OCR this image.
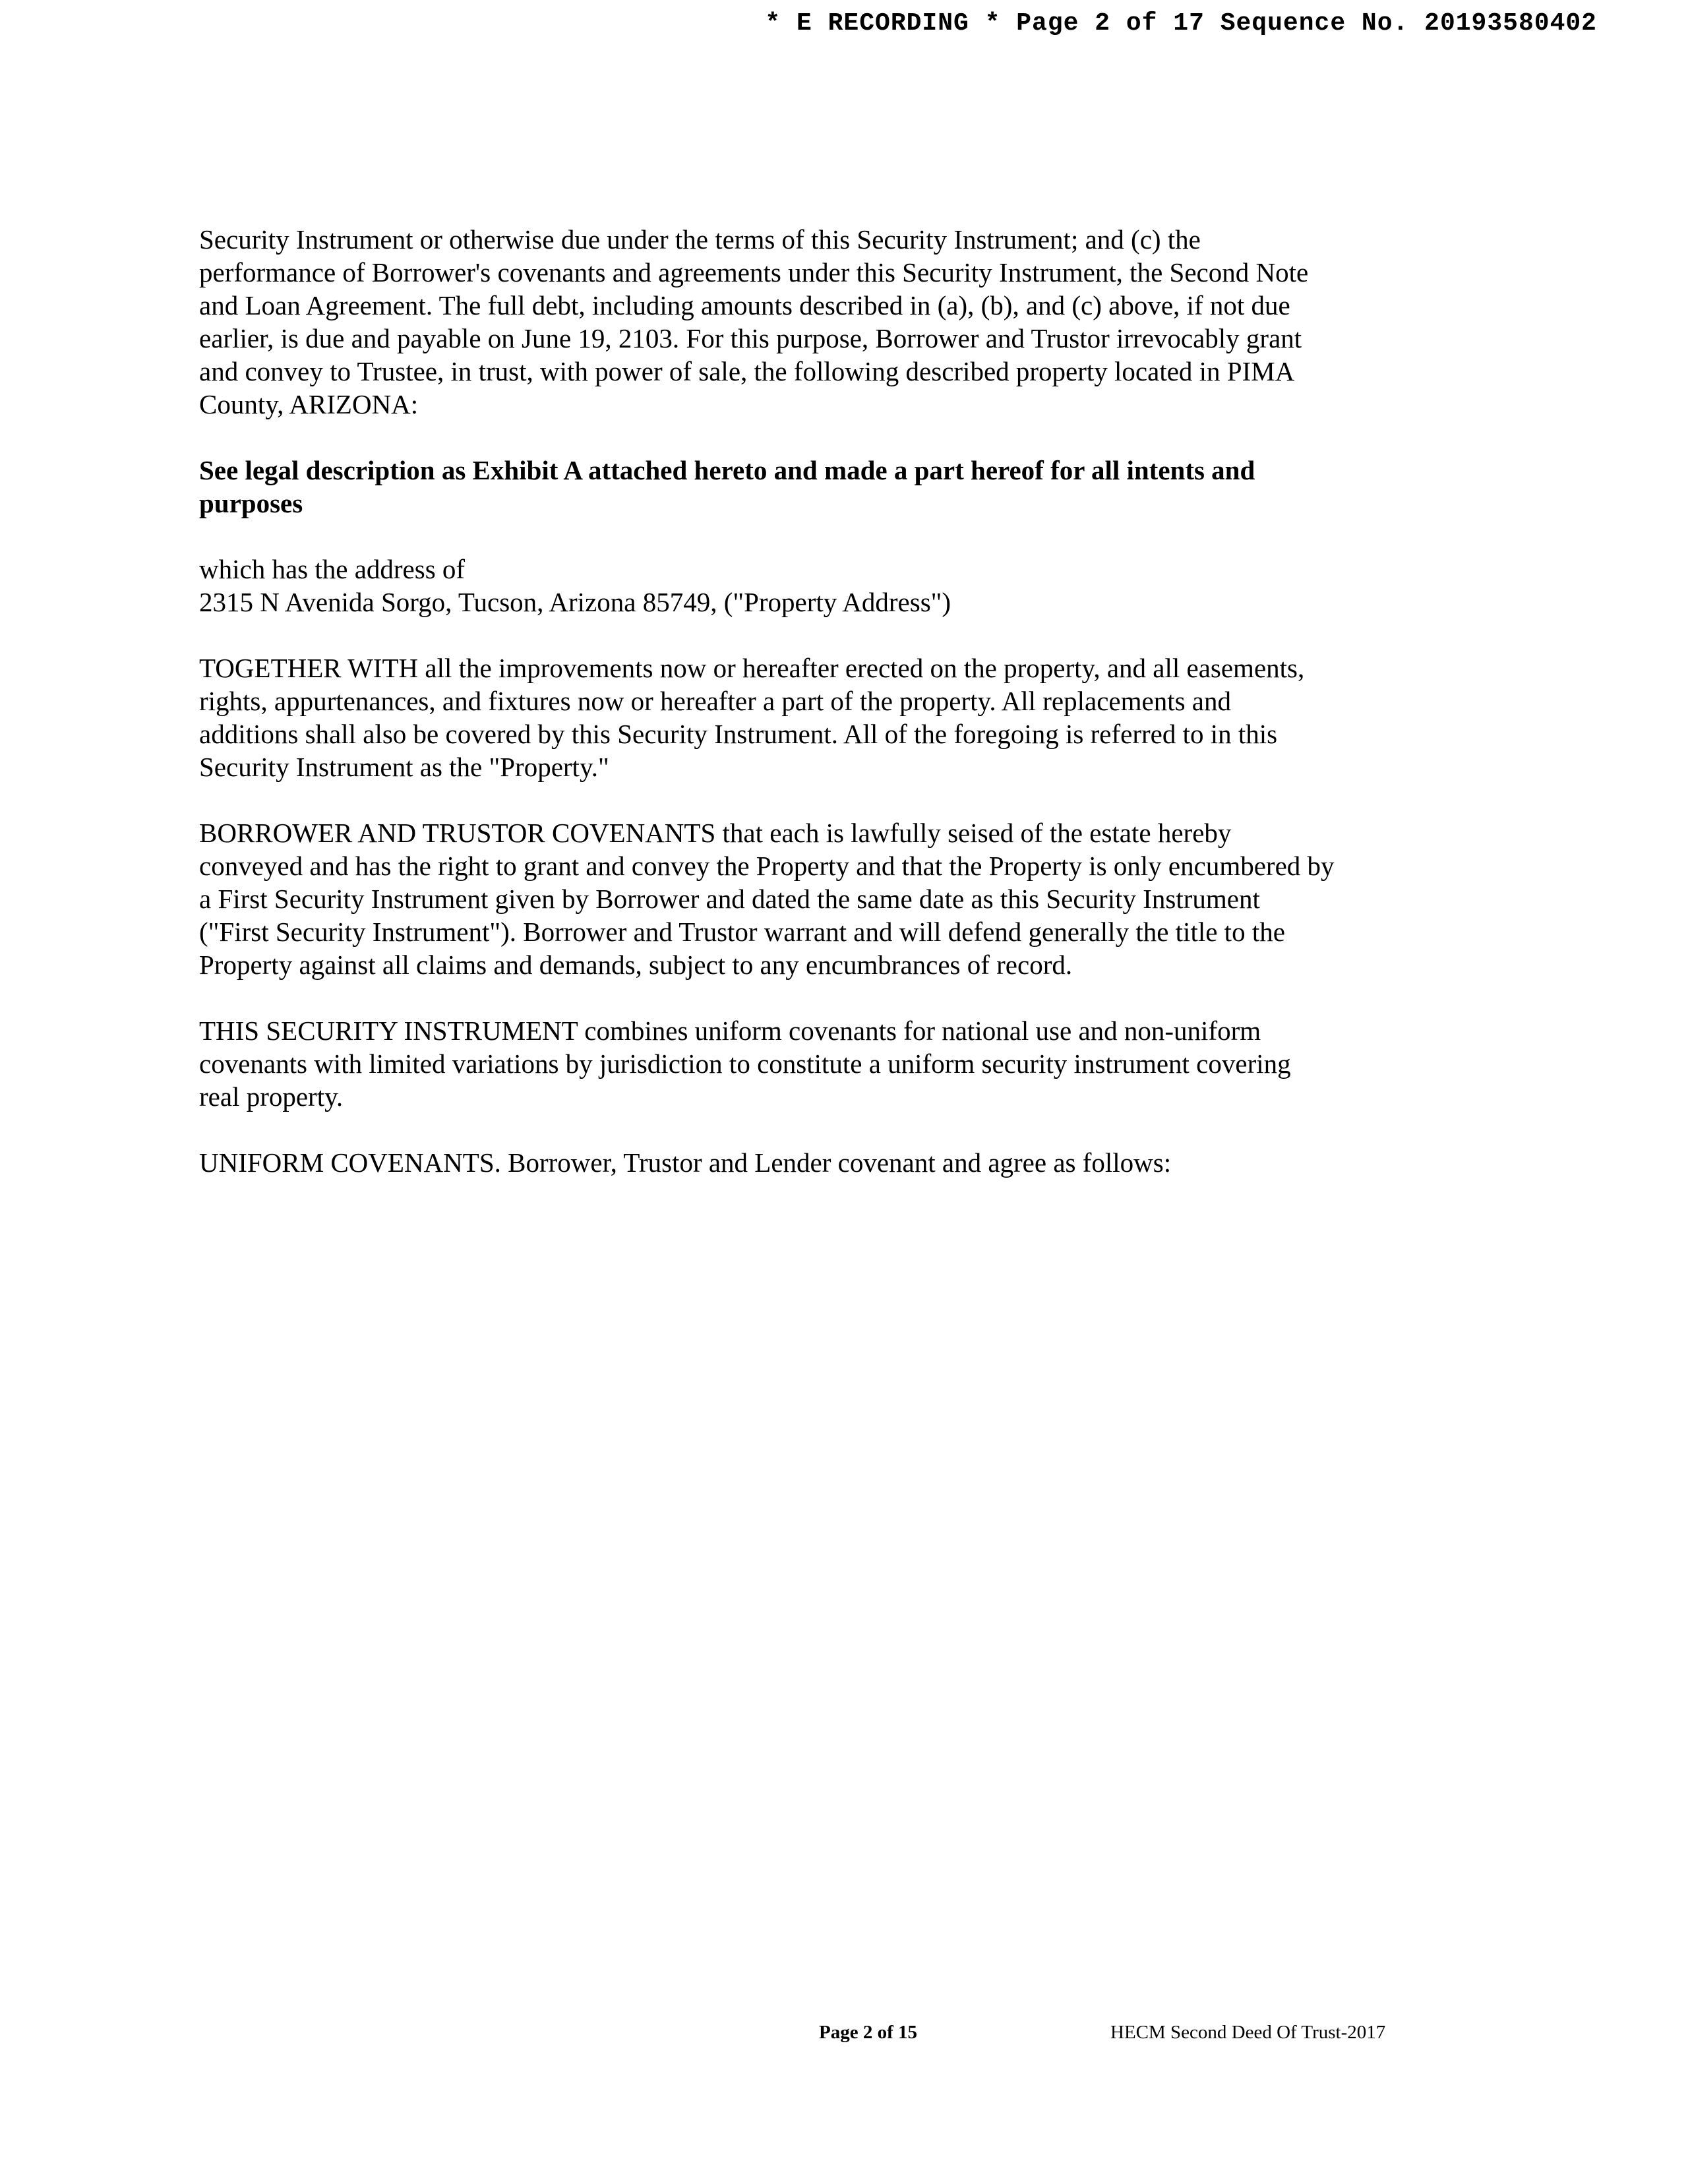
* E RECORDING * Page 2 of 17 Sequence No. 20193580402

Security Instrument or otherwise due under the terms of this Security Instrument; and (c) the
performance of Borrower's covenants and agreements under this Security Instrument, the Second Note
and Loan Agreement. The full debt, including amounts described in (a), (b), and (c) above, if not due
earlier, is due and payable on June 19, 2103. For this purpose, Borrower and Trustor irrevocably grant
and convey to Trustee, in trust, with power of sale, the following described property located in PIMA
County, ARIZONA:

See legal description as Exhibit A attached hereto and made a part hereof for all intents and
purposes

which has the address of
2315 N Avenida Sorgo, Tucson, Arizona 85749, ("Property Address")

TOGETHER WITH all the improvements now or hereafter erected on the property, and all easements,
rights, appurtenances, and fixtures now or hereafter a part of the property. All replacements and
additions shall also be covered by this Security Instrument. All of the foregoing is referred to in this
Security Instrument as the "Property."

BORROWER AND TRUSTOR COVENANTS that each is lawfully seised of the estate hereby
conveyed and has the right to grant and convey the Property and that the Property is only encumbered by
a First Security Instrument given by Borrower and dated the same date as this Security Instrument
("First Security Instrument"). Borrower and Trustor warrant and will defend generally the title to the
Property against all claims and demands, subject to any encumbrances of record.

THIS SECURITY INSTRUMENT combines uniform covenants for national use and non-uniform
covenants with limited variations by jurisdiction to constitute a uniform security instrument covering
real property.

UNIFORM COVENANTS. Borrower, Trustor and Lender covenant and agree as follows:

Page 2 of 15	HECM Second Deed Of Trust-2017
